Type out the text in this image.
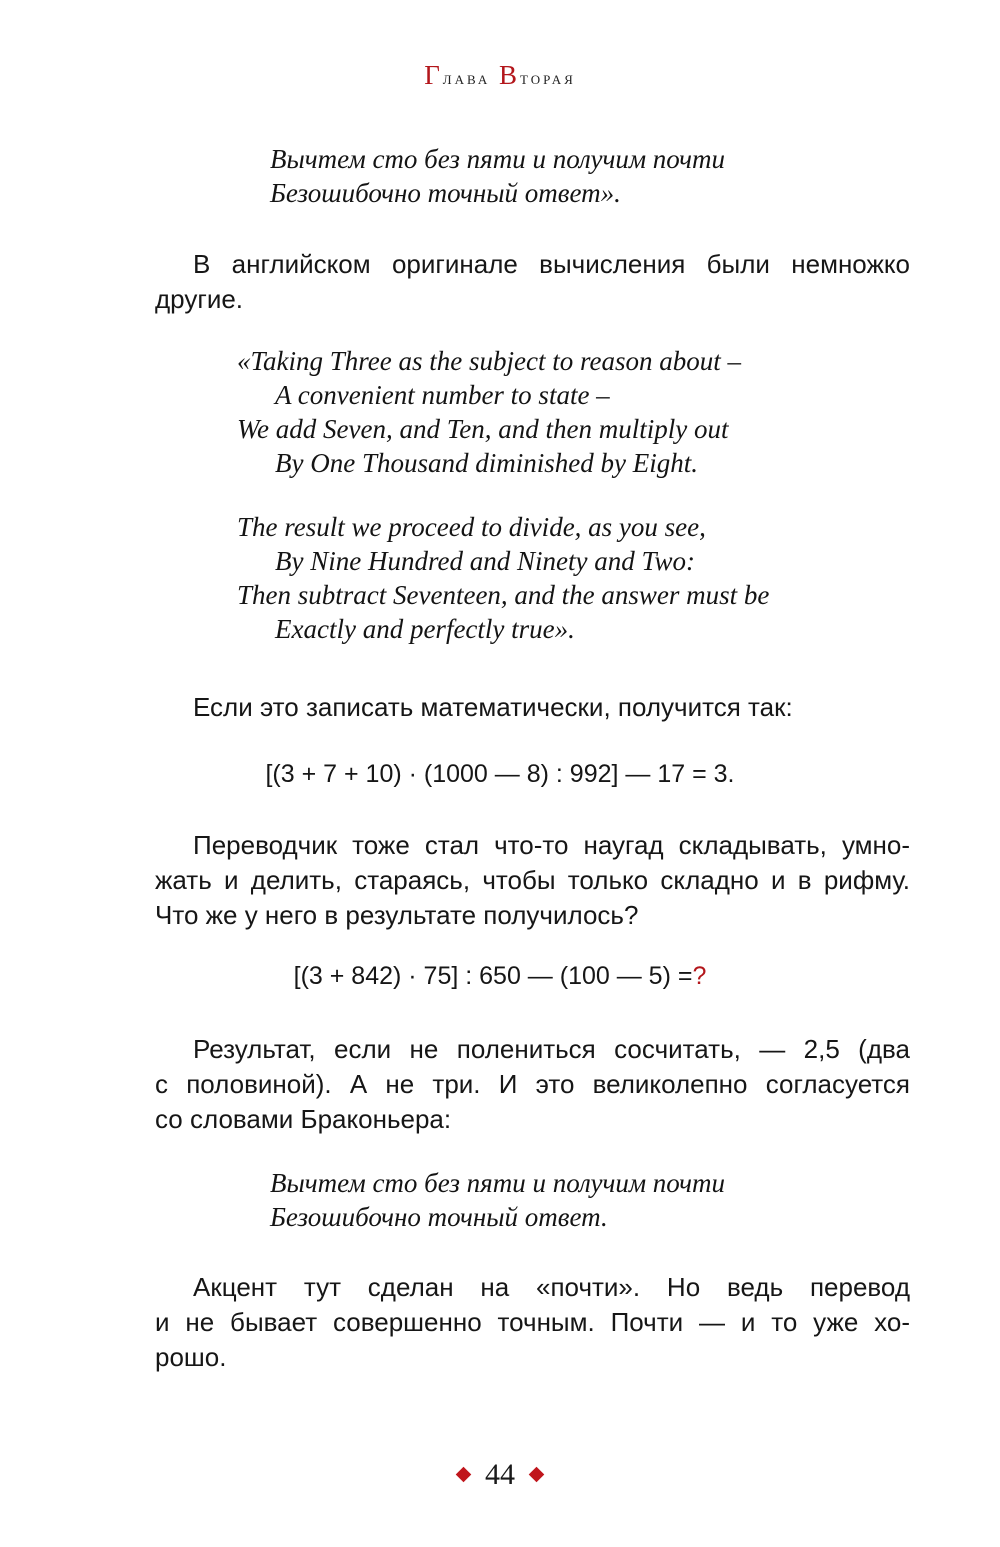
Глава Вторая
Вычтем сто без пяти и получим почти
Безошибочно точный ответ».
В английском оригинале вычисления были немножко
другие.
«Taking Three as the subject to reason about –
A convenient number to state –
We add Seven, and Ten, and then multiply out
By One Thousand diminished by Eight.
The result we proceed to divide, as you see,
By Nine Hundred and Ninety and Two:
Then subtract Seventeen, and the answer must be
Exactly and perfectly true».
Если это записать математически, получится так:
[(3 + 7 + 10) · (1000 — 8) : 992] — 17 = 3.
Переводчик тоже стал что-то наугад складывать, умно-
жать и делить, стараясь, чтобы только складно и в рифму.
Что же у него в результате получилось?
[(3 + 842) · 75] : 650 — (100 — 5) =?
Результат, если не полениться сосчитать, — 2,5 (два
с половиной). А не три. И это великолепно согласуется
со словами Браконьера:
Вычтем сто без пяти и получим почти
Безошибочно точный ответ.
Акцент тут сделан на «почти». Но ведь перевод
и не бывает совершенно точным. Почти — и то уже хо-
рошо.
44
